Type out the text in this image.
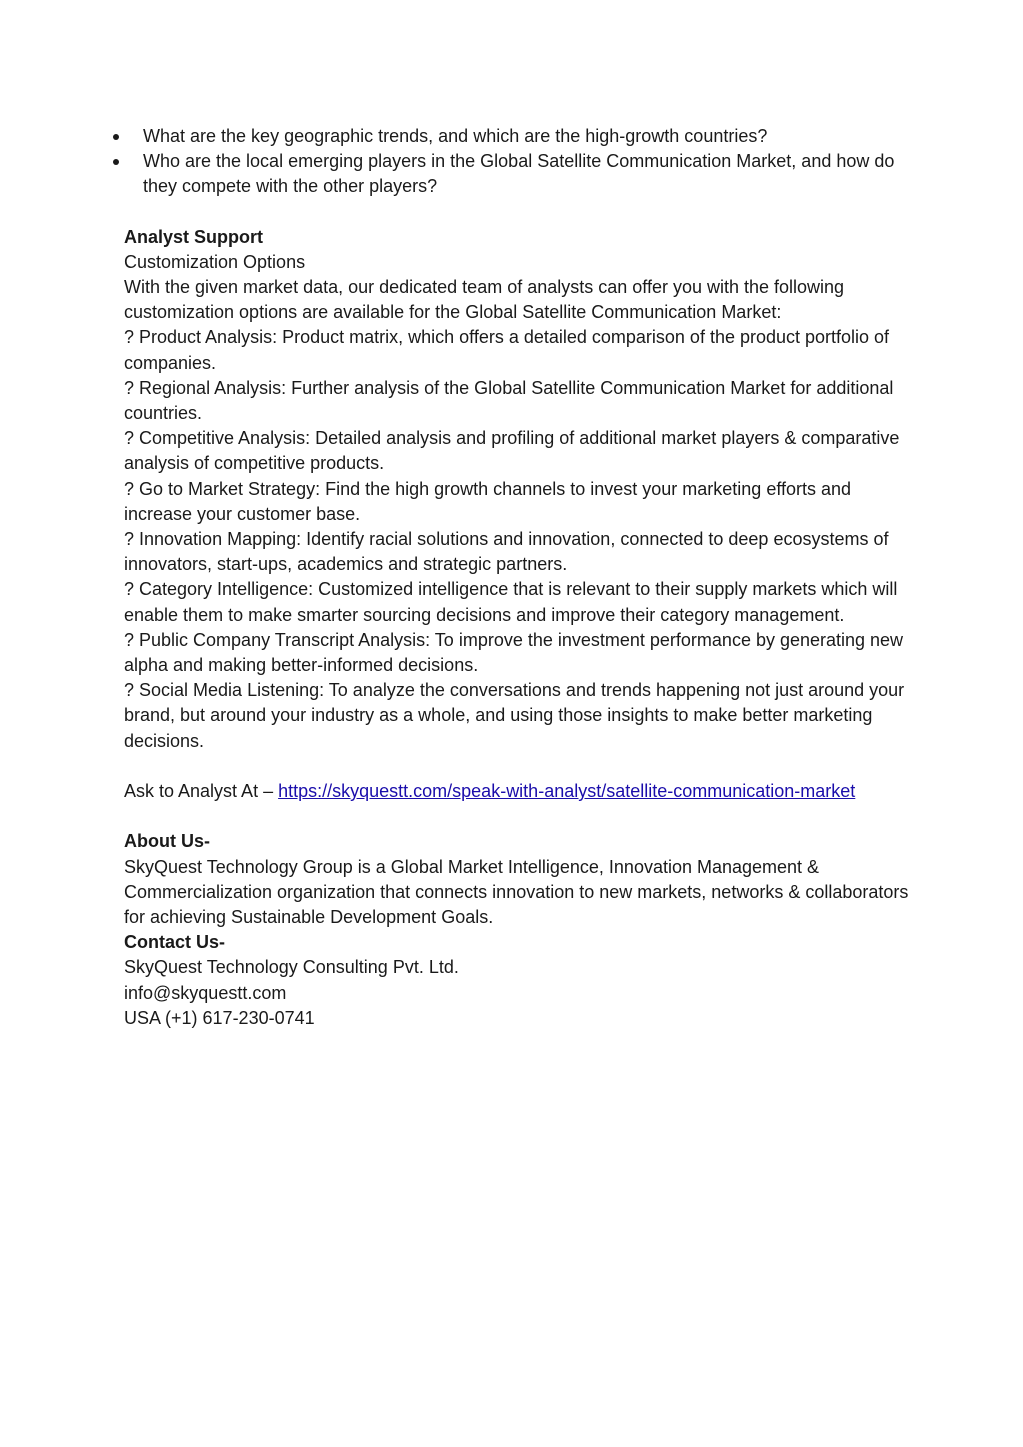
What are the key geographic trends, and which are the high-growth countries?
Who are the local emerging players in the Global Satellite Communication Market, and how do they compete with the other players?

Analyst Support

Customization Options

With the given market data, our dedicated team of analysts can offer you with the following customization options are available for the Global Satellite Communication Market:

? Product Analysis: Product matrix, which offers a detailed comparison of the product portfolio of companies.

? Regional Analysis: Further analysis of the Global Satellite Communication Market for additional countries.

? Competitive Analysis: Detailed analysis and profiling of additional market players & comparative analysis of competitive products.

? Go to Market Strategy: Find the high growth channels to invest your marketing efforts and increase your customer base.

? Innovation Mapping: Identify racial solutions and innovation, connected to deep ecosystems of innovators, start-ups, academics and strategic partners.

? Category Intelligence: Customized intelligence that is relevant to their supply markets which will enable them to make smarter sourcing decisions and improve their category management.

? Public Company Transcript Analysis: To improve the investment performance by generating new alpha and making better-informed decisions.

? Social Media Listening: To analyze the conversations and trends happening not just around your brand, but around your industry as a whole, and using those insights to make better marketing decisions.

Ask to Analyst At – https://skyquestt.com/speak-with-analyst/satellite-communication-market

About Us-

SkyQuest Technology Group is a Global Market Intelligence, Innovation Management & Commercialization organization that connects innovation to new markets, networks & collaborators for achieving Sustainable Development Goals.

Contact Us-

SkyQuest Technology Consulting Pvt. Ltd.

info@skyquestt.com

USA (+1) 617-230-0741
